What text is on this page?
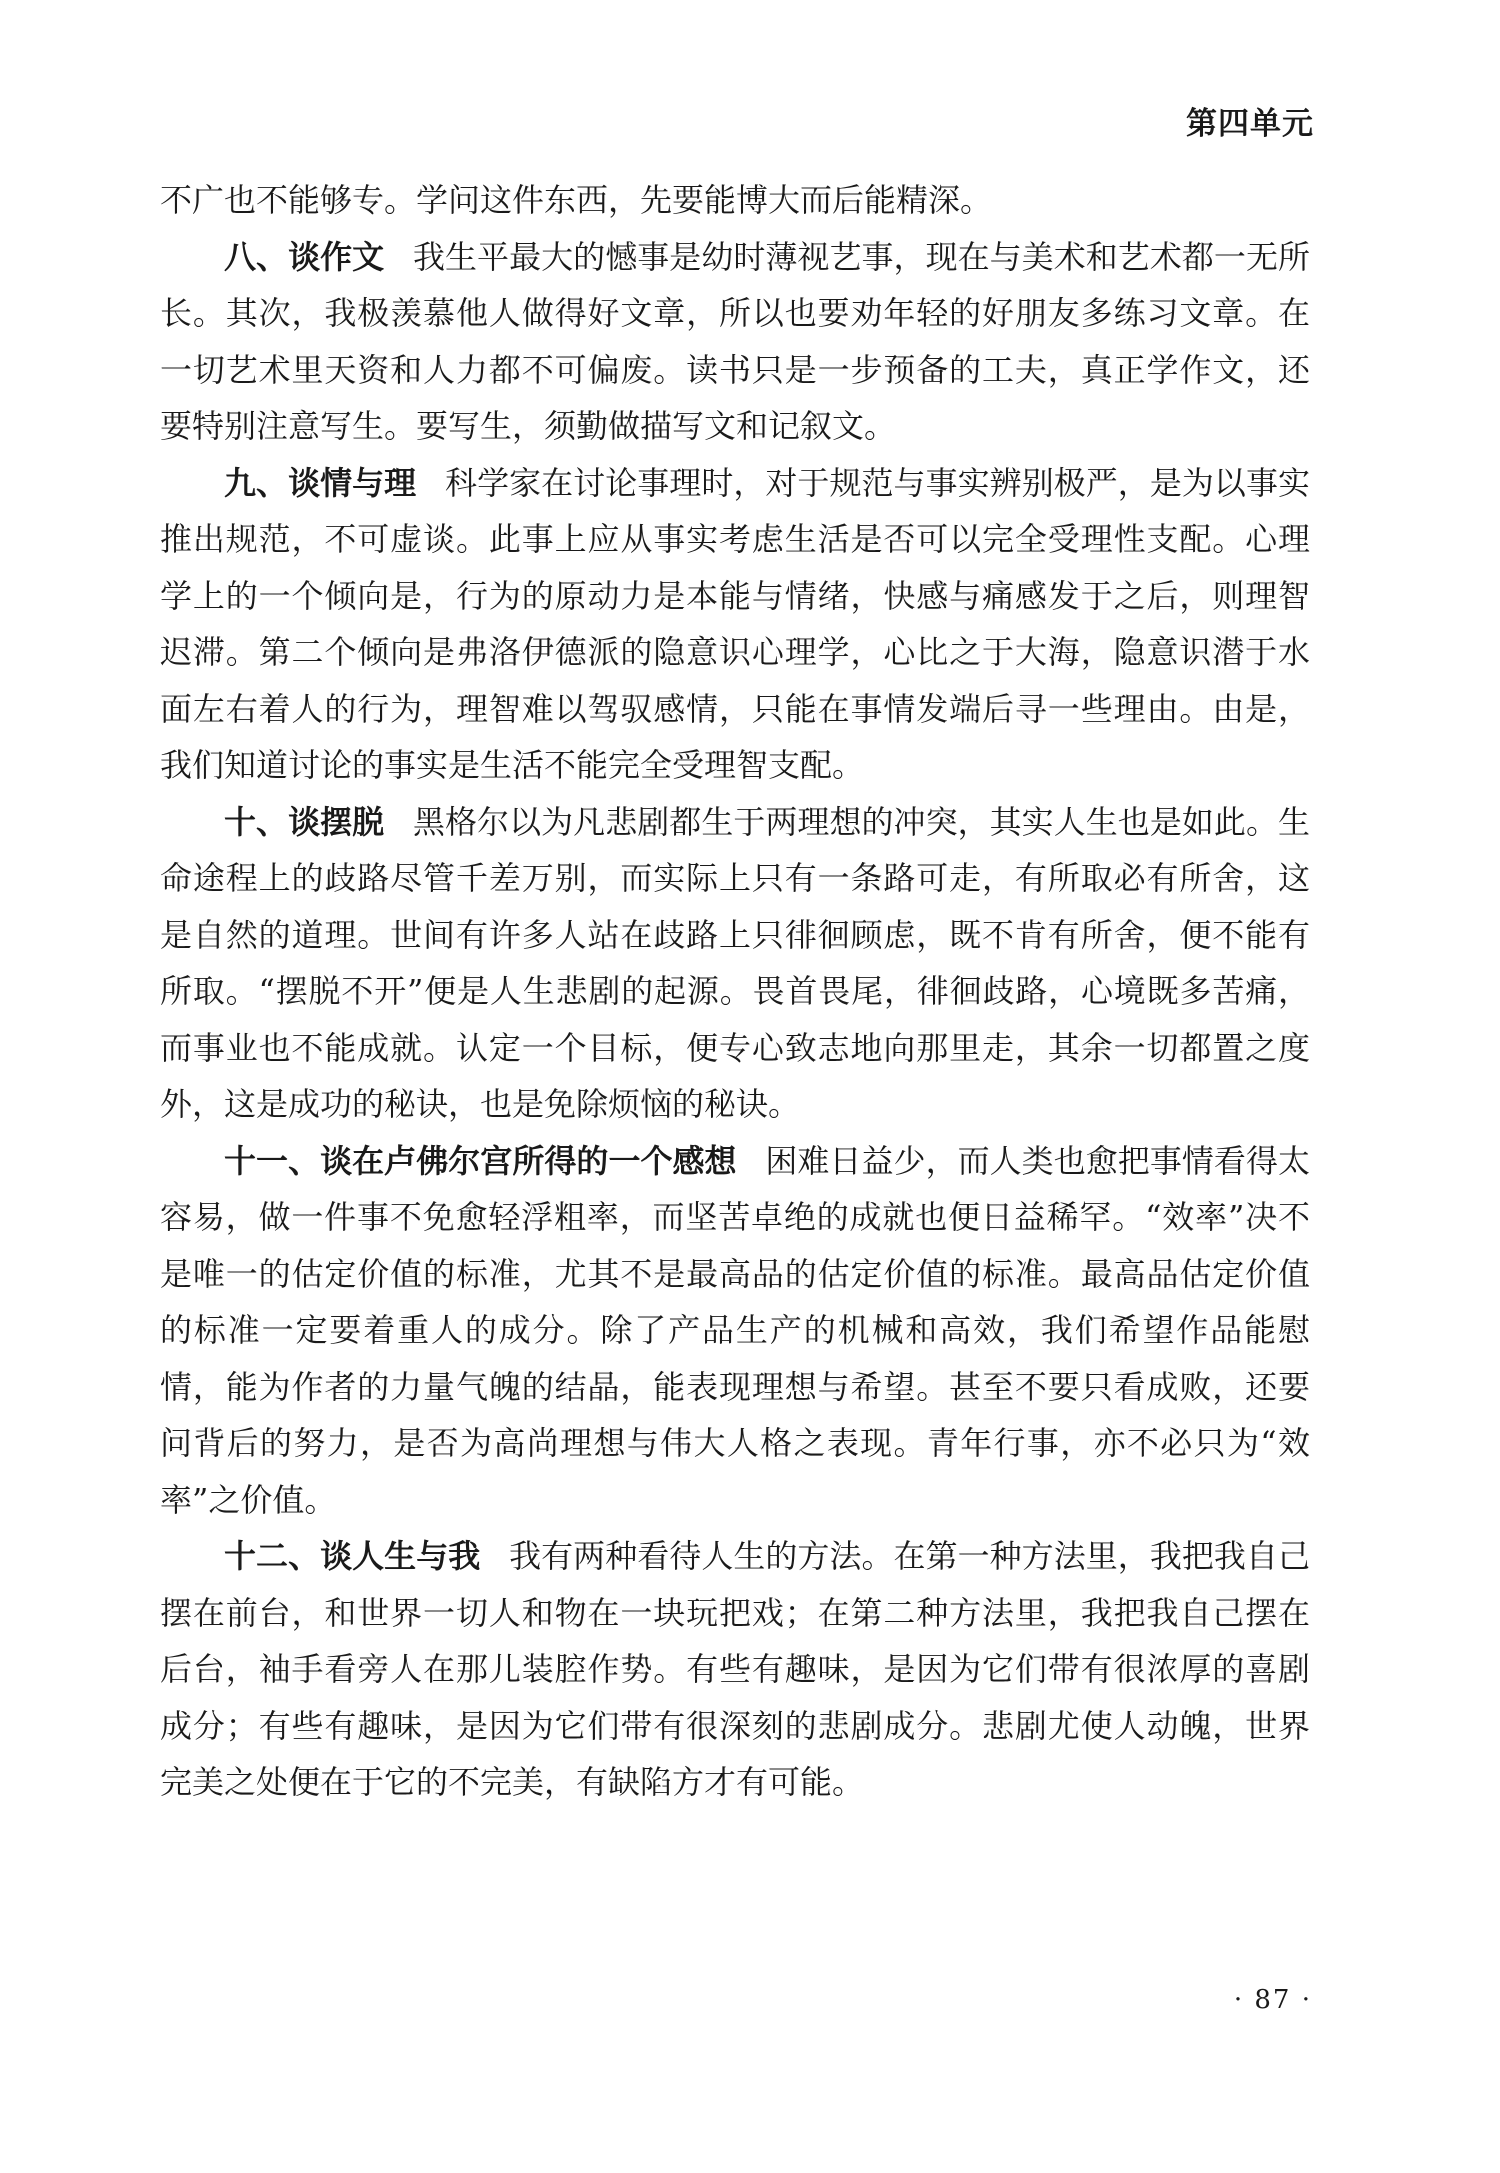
第四单元

不广也不能够专。学问这件东西，先要能博大而后能精深。

八、谈作文 我生平最大的憾事是幼时薄视艺事，现在与美术和艺术都一无所长。其次，我极羡慕他人做得好文章，所以也要劝年轻的好朋友多练习文章。在一切艺术里天资和人力都不可偏废。读书只是一步预备的工夫，真正学作文，还要特别注意写生。要写生，须勤做描写文和记叙文。

九、谈情与理 科学家在讨论事理时，对于规范与事实辨别极严，是为以事实推出规范，不可虚谈。此事上应从事实考虑生活是否可以完全受理性支配。心理学上的一个倾向是，行为的原动力是本能与情绪，快感与痛感发于之后，则理智迟滞。第二个倾向是弗洛伊德派的隐意识心理学，心比之于大海，隐意识潜于水面左右着人的行为，理智难以驾驭感情，只能在事情发端后寻一些理由。由是，我们知道讨论的事实是生活不能完全受理智支配。

十、谈摆脱 黑格尔以为凡悲剧都生于两理想的冲突，其实人生也是如此。生命途程上的歧路尽管千差万别，而实际上只有一条路可走，有所取必有所舍，这是自然的道理。世间有许多人站在歧路上只徘徊顾虑，既不肯有所舍，便不能有所取。“摆脱不开”便是人生悲剧的起源。畏首畏尾，徘徊歧路，心境既多苦痛，而事业也不能成就。认定一个目标，便专心致志地向那里走，其余一切都置之度外，这是成功的秘诀，也是免除烦恼的秘诀。

十一、谈在卢佛尔宫所得的一个感想 困难日益少，而人类也愈把事情看得太容易，做一件事不免愈轻浮粗率，而坚苦卓绝的成就也便日益稀罕。“效率”决不是唯一的估定价值的标准，尤其不是最高品的估定价值的标准。最高品估定价值的标准一定要着重人的成分。除了产品生产的机械和高效，我们希望作品能慰情，能为作者的力量气魄的结晶，能表现理想与希望。甚至不要只看成败，还要问背后的努力，是否为高尚理想与伟大人格之表现。青年行事，亦不必只为“效率”之价值。

十二、谈人生与我 我有两种看待人生的方法。在第一种方法里，我把我自己摆在前台，和世界一切人和物在一块玩把戏；在第二种方法里，我把我自己摆在后台，袖手看旁人在那儿装腔作势。有些有趣味，是因为它们带有很浓厚的喜剧成分；有些有趣味，是因为它们带有很深刻的悲剧成分。悲剧尤使人动魄，世界完美之处便在于它的不完美，有缺陷方才有可能。

· 87 ·
